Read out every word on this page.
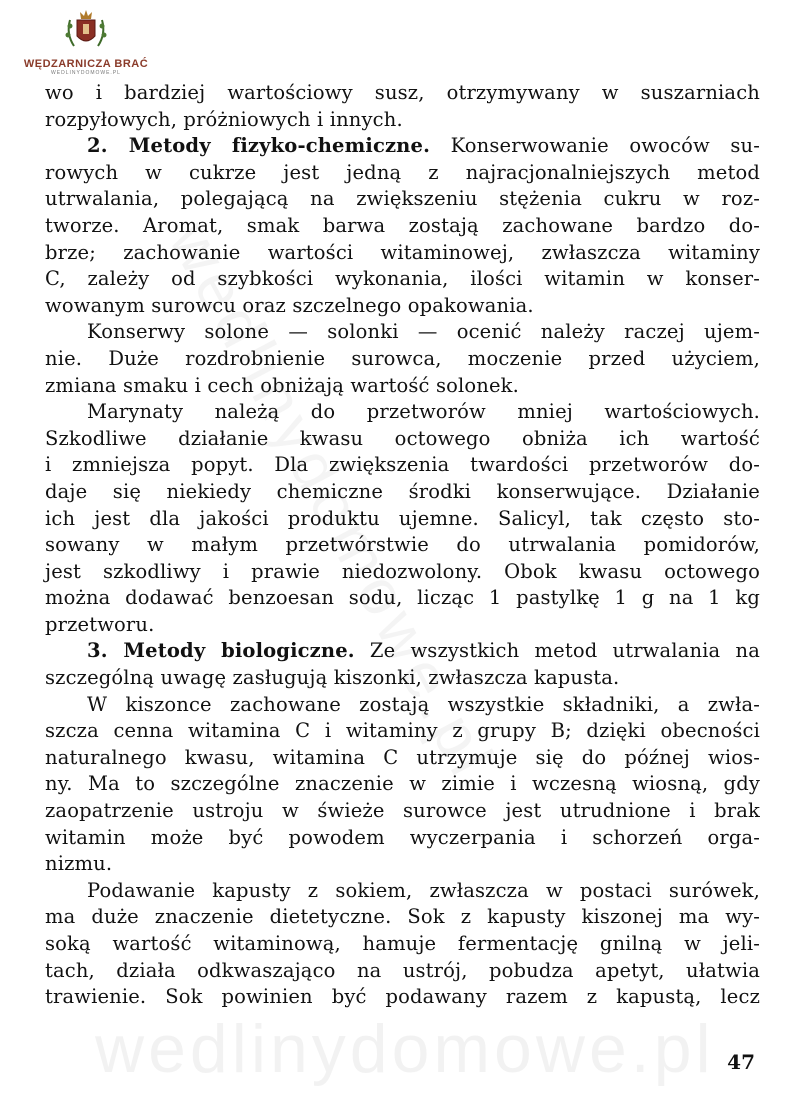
WĘDZARNICZA BRAĆ
WEDLINYDOMOWE.PL
wedlinydomowe.pl
wo i bardziej wartościowy susz, otrzymywany w suszarniach
rozpyłowych, próżniowych i innych.
2. Metody fizyko-chemiczne. Konserwowanie owoców su-
rowych w cukrze jest jedną z najracjonalniejszych metod
utrwalania, polegającą na zwiększeniu stężenia cukru w roz-
tworze. Aromat, smak barwa zostają zachowane bardzo do-
brze; zachowanie wartości witaminowej, zwłaszcza witaminy
C, zależy od szybkości wykonania, ilości witamin w konser-
wowanym surowcu oraz szczelnego opakowania.
Konserwy solone — solonki — ocenić należy raczej ujem-
nie. Duże rozdrobnienie surowca, moczenie przed użyciem,
zmiana smaku i cech obniżają wartość solonek.
Marynaty należą do przetworów mniej wartościowych.
Szkodliwe działanie kwasu octowego obniża ich wartość
i zmniejsza popyt. Dla zwiększenia twardości przetworów do-
daje się niekiedy chemiczne środki konserwujące. Działanie
ich jest dla jakości produktu ujemne. Salicyl, tak często sto-
sowany w małym przetwórstwie do utrwalania pomidorów,
jest szkodliwy i prawie niedozwolony. Obok kwasu octowego
można dodawać benzoesan sodu, licząc 1 pastylkę 1 g na 1 kg
przetworu.
3. Metody biologiczne. Ze wszystkich metod utrwalania na
szczególną uwagę zasługują kiszonki, zwłaszcza kapusta.
W kiszonce zachowane zostają wszystkie składniki, a zwła-
szcza cenna witamina C i witaminy z grupy B; dzięki obecności
naturalnego kwasu, witamina C utrzymuje się do późnej wios-
ny. Ma to szczególne znaczenie w zimie i wczesną wiosną, gdy
zaopatrzenie ustroju w świeże surowce jest utrudnione i brak
witamin może być powodem wyczerpania i schorzeń orga-
nizmu.
Podawanie kapusty z sokiem, zwłaszcza w postaci surówek,
ma duże znaczenie dietetyczne. Sok z kapusty kiszonej ma wy-
soką wartość witaminową, hamuje fermentację gnilną w jeli-
tach, działa odkwaszająco na ustrój, pobudza apetyt, ułatwia
trawienie. Sok powinien być podawany razem z kapustą, lecz
47
